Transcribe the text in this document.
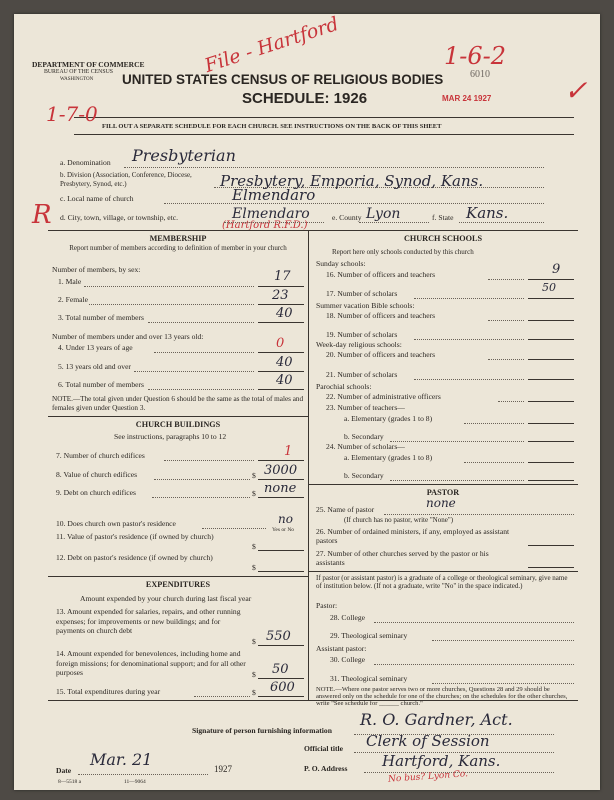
DEPARTMENT OF COMMERCE
BUREAU OF THE CENSUS
WASHINGTON UNITED STATES CENSUS OF RELIGIOUS BODIES
SCHEDULE: 1926
6010
MAR 24 1927
FILL OUT A SEPARATE SCHEDULE FOR EACH CHURCH. SEE INSTRUCTIONS ON THE BACK OF THIS SHEET
File - Hartford	1-6-2
✓
1-7-0
R	(Hartford R.F.D.)
a. Denomination Presbyterian
b. Division (Association, Conference, Diocese, Presbytery, Synod, etc.)	Presbytery, Emporia, Synod, Kans.
c. Local name of church	Elmendaro
d. City, town, village, or township, etc.	Elmendaro	e. County Lyon	f. State Kans.
MEMBERSHIP
Report number of members according to definition of member in your church
Number of members, by sex:
1. Male	17
2. Female	23
3. Total number of members	40
Number of members under and over 13 years old:
4. Under 13 years of age	0
5. 13 years old and over	40
6. Total number of members	40
NOTE.—The total given under Question 6 should be the same as the total of males and females given under Question 3.
CHURCH BUILDINGS
See instructions, paragraphs 10 to 12
7. Number of church edifices	1
8. Value of church edifices	$ 3000
9. Debt on church edifices	$ none
10. Does church own pastor's residence	no
Yes or No
11. Value of pastor's residence (if owned by church)
$
12. Debt on pastor's residence (if owned by church)
$
EXPENDITURES
Amount expended by your church during last fiscal year
13. Amount expended for salaries, repairs, and other running expenses; for improvements or new buildings; and for payments on church debt
$ 550
14. Amount expended for benevolences, including home and foreign missions; for denominational support; and for all other purposes	$ 50
15. Total expenditures during year	$ 600
CHURCH SCHOOLS
Report here only schools conducted by this church
Sunday schools:
16. Number of officers and teachers	9
17. Number of scholars	50
Summer vacation Bible schools:
18. Number of officers and teachers
19. Number of scholars
Week-day religious schools:
20. Number of officers and teachers
21. Number of scholars
Parochial schools:
22. Number of administrative officers
23. Number of teachers—
a. Elementary (grades 1 to 8)
b. Secondary
24. Number of scholars—
a. Elementary (grades 1 to 8)
b. Secondary
PASTOR
25. Name of pastor	none
(If church has no pastor, write "None")
26. Number of ordained ministers, if any, employed as assistant pastors
27. Number of other churches served by the pastor or his assistants
If pastor (or assistant pastor) is a graduate of a college or theological seminary, give name of institution below. (If not a graduate, write "No" in the space indicated.)
Pastor:
28. College
29. Theological seminary
Assistant pastor:
30. College
31. Theological seminary
NOTE.—Where one pastor serves two or more churches, Questions 28 and 29 should be answered only on the schedule for one of the churches; on the schedules for the other churches, write "See schedule for ______ church."
Signature of person furnishing information
R. O. Gardner, Act.
Official title Clerk of Session
Date
Mar. 21	1927	P. O. Address Hartford, Kans.
No bus? Lyon Co.
8—5518 a	11—9064
